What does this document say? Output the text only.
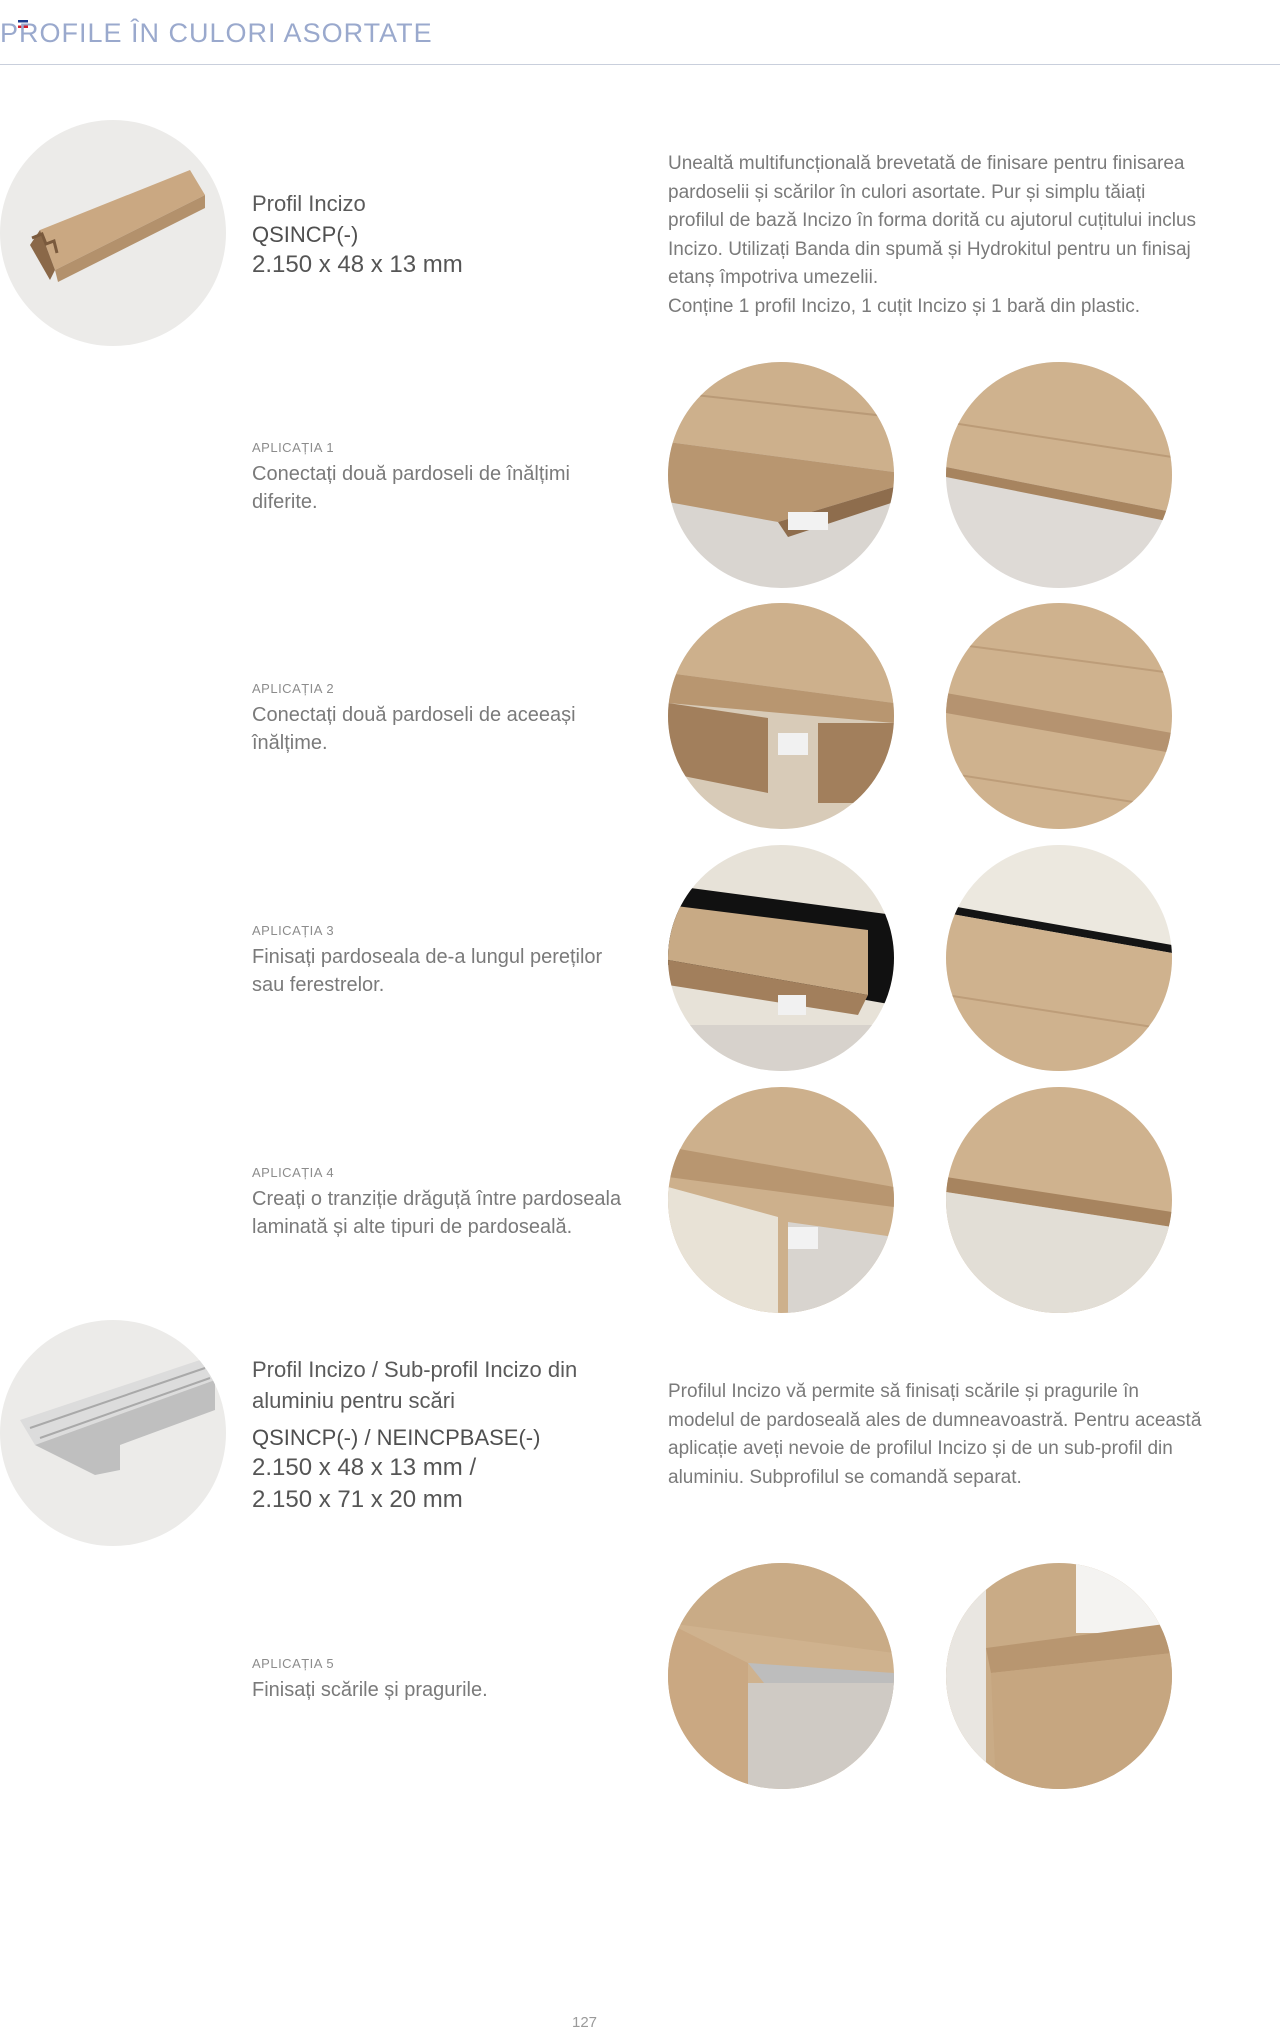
PROFILE ÎN CULORI ASORTATE
Profil Incizo
QSINCP(-)
2.150 x 48 x 13 mm
Unealtă multifuncțională brevetată de finisare pentru finisarea
pardoselii și scărilor în culori asortate. Pur și simplu tăiați
profilul de bază Incizo în forma dorită cu ajutorul cuțitului inclus
Incizo. Utilizați Banda din spumă și Hydrokitul pentru un finisaj
etanș împotriva umezelii.
Conține 1 profil Incizo, 1 cuțit Incizo și 1 bară din plastic.
APLICAȚIA 1
Conectați două pardoseli de înălțimi
diferite.
APLICAȚIA 2
Conectați două pardoseli de aceeași
înălțime.
APLICAȚIA 3
Finisați pardoseala de-a lungul pereților
sau ferestrelor.
APLICAȚIA 4
Creați o tranziție drăguță între pardoseala
laminată și alte tipuri de pardoseală.
Profil Incizo / Sub-profil Incizo din
aluminiu pentru scări
QSINCP(-) / NEINCPBASE(-)
2.150 x 48 x 13 mm /
2.150 x 71 x 20 mm
Profilul Incizo vă permite să finisați scările și pragurile în
modelul de pardoseală ales de dumneavoastră. Pentru această
aplicație aveți nevoie de profilul Incizo și de un sub-profil din
aluminiu. Subprofilul se comandă separat.
APLICAȚIA 5
Finisați scările și pragurile.
127
